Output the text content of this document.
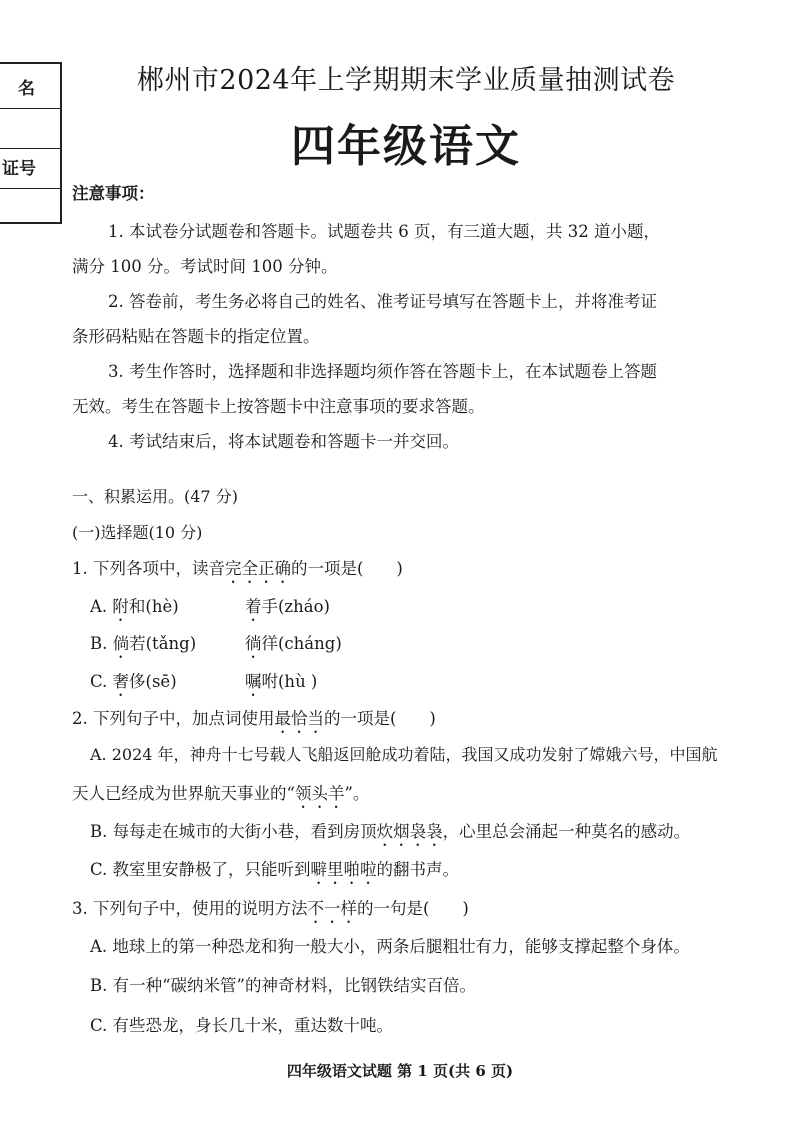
名
证号
郴州市2024年上学期期末学业质量抽测试卷
四年级语文
注意事项：
1. 本试卷分试题卷和答题卡。试题卷共 6 页，有三道大题，共 32 道小题，
满分 100 分。考试时间 100 分钟。
2. 答卷前，考生务必将自己的姓名、准考证号填写在答题卡上，并将准考证
条形码粘贴在答题卡的指定位置。
3. 考生作答时，选择题和非选择题均须作答在答题卡上，在本试题卷上答题
无效。考生在答题卡上按答题卡中注意事项的要求答题。
4. 考试结束后，将本试题卷和答题卡一并交回。
一、积累运用。(47 分)
(一)选择题(10 分)
1. 下列各项中，读音完全正确的一项是(　　)
A. 附和(hè)	着手(zháo)
B. 倘若(tǎng)	徜徉(cháng)
C. 奢侈(sē)	嘱咐(hù )
2. 下列句子中，加点词使用最恰当的一项是(　　)
A. 2024 年，神舟十七号载人飞船返回舱成功着陆，我国又成功发射了嫦娥六号，中国航
天人已经成为世界航天事业的“领头羊”。
B. 每每走在城市的大街小巷，看到房顶炊烟袅袅，心里总会涌起一种莫名的感动。
C. 教室里安静极了，只能听到噼里啪啦的翻书声。
3. 下列句子中，使用的说明方法不一样的一句是(　　)
A. 地球上的第一种恐龙和狗一般大小，两条后腿粗壮有力，能够支撑起整个身体。
B. 有一种“碳纳米管”的神奇材料，比钢铁结实百倍。
C. 有些恐龙，身长几十米，重达数十吨。
四年级语文试题 第 1 页(共 6 页)
